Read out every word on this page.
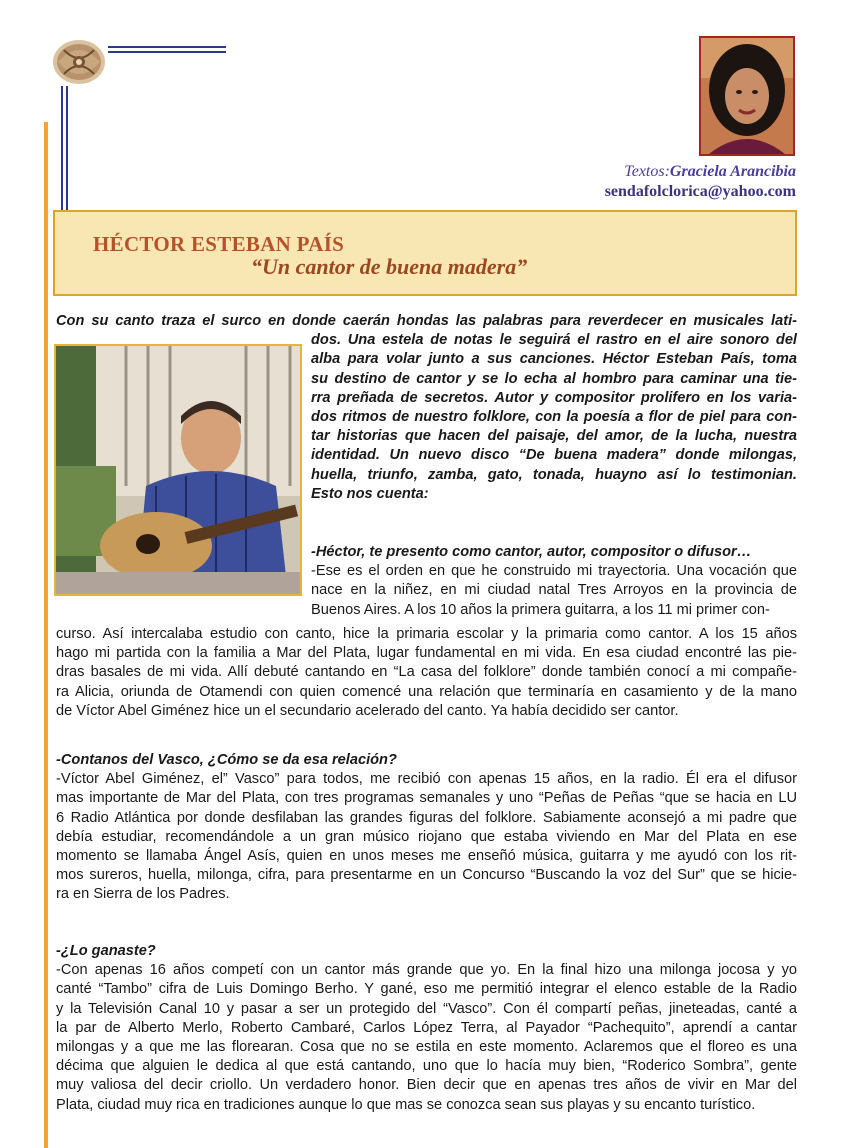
Textos:Graciela Arancibia
sendafolclorica@yahoo.com
HÉCTOR ESTEBAN PAÍS
“Un cantor de buena madera”
Con su canto traza el surco en donde caerán hondas las palabras para reverdecer en musicales lati-
dos. Una estela de notas le seguirá el rastro en el aire sonoro del
alba para volar junto a sus canciones. Héctor Esteban País, toma
su destino de cantor y se lo echa al hombro para caminar una tie-
rra preñada de secretos. Autor y compositor prolifero en los varia-
dos ritmos de nuestro folklore, con la poesía a flor de piel para con-
tar historias que hacen del paisaje, del amor, de la lucha, nuestra
identidad. Un nuevo disco “De buena madera” donde milongas,
huella, triunfo, zamba, gato, tonada, huayno así lo testimonian.
Esto nos cuenta:
-Héctor, te presento como cantor, autor, compositor o difusor…
-Ese es el orden en que he construido mi trayectoria. Una vocación que
nace en la niñez, en mi ciudad natal Tres Arroyos en la provincia de
Buenos Aires. A los 10 años la primera guitarra, a los 11 mi primer con-
curso. Así intercalaba estudio con canto, hice la primaria escolar y la primaria como cantor. A los 15 años
hago mi partida con la familia a Mar del Plata, lugar fundamental en mi vida. En esa ciudad encontré las pie-
dras basales de mi vida. Allí debuté cantando en “La casa del folklore” donde también conocí a mi compañe-
ra Alicia, oriunda de Otamendi con quien comencé una relación que terminaría en casamiento y de la mano
de Víctor Abel Giménez hice un el secundario acelerado del canto. Ya había decidido ser cantor.
-Contanos del Vasco, ¿Cómo se da esa relación?
-Víctor Abel Giménez, el” Vasco” para todos, me recibió con apenas 15 años, en la radio. Él era el difusor
mas importante de Mar del Plata, con tres programas semanales y uno “Peñas de Peñas “que se hacia en LU
6 Radio Atlántica por donde desfilaban las grandes figuras del folklore. Sabiamente aconsejó a mi padre que
debía estudiar, recomendándole a un gran músico riojano que estaba viviendo en Mar del Plata en ese
momento se llamaba Ángel Asís, quien en unos meses me enseñó música, guitarra y me ayudó con los rit-
mos sureros, huella, milonga, cifra, para presentarme en un Concurso “Buscando la voz del Sur” que se hicie-
ra en Sierra de los Padres.
-¿Lo ganaste?
-Con apenas 16 años competí con un cantor más grande que yo. En la final hizo una milonga jocosa y yo
canté “Tambo” cifra de Luis Domingo Berho. Y gané, eso me permitió integrar el elenco estable de la Radio
y la Televisión Canal 10 y pasar a ser un protegido del “Vasco”. Con él compartí peñas, jineteadas, canté a
la par de Alberto Merlo, Roberto Cambaré, Carlos López Terra, al Payador “Pachequito”, aprendí a cantar
milongas y a que me las florearan. Cosa que no se estila en este momento. Aclaremos que el floreo es una
décima que alguien le dedica al que está cantando, uno que lo hacía muy bien, “Roderico Sombra”, gente
muy valiosa del decir criollo. Un verdadero honor. Bien decir que en apenas tres años de vivir en Mar del
Plata, ciudad muy rica en tradiciones aunque lo que mas se conozca sean sus playas y su encanto turístico.
